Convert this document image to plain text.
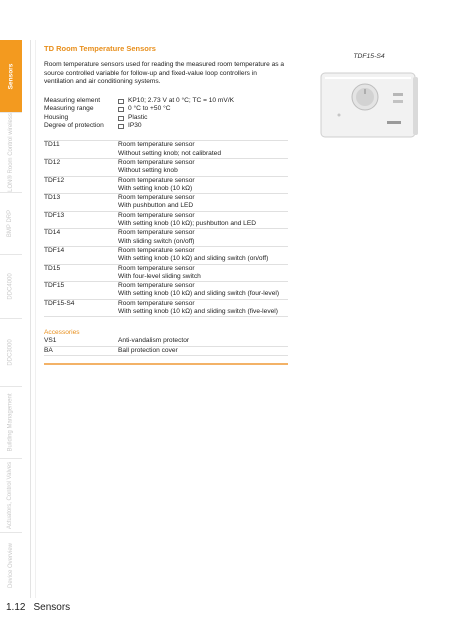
Sensors
LON® Room Control wireless
BMP DRP
DDC4000
DDC3000
Building Management
Actuators, Control Valves
Device Overview
TD Room Temperature Sensors
Room temperature sensors used for reading the measured room temperature as a source controlled variable for follow-up and fixed-value loop controllers in ventilation and air conditioning systems.
Measuring element	KP10; 2.73 V at 0 °C; TC = 10 mV/K
Measuring range	0 °C to +50 °C
Housing	Plastic
Degree of protection	IP30
TD11	Room temperature sensor
Without setting knob; not calibrated
TD12	Room temperature sensor
Without setting knob
TDF12	Room temperature sensor
With setting knob (10 kΩ)
TD13	Room temperature sensor
With pushbutton and LED
TDF13	Room temperature sensor
With setting knob (10 kΩ); pushbutton and LED
TD14	Room temperature sensor
With sliding switch (on/off)
TDF14	Room temperature sensor
With setting knob (10 kΩ) and sliding switch (on/off)
TD15	Room temperature sensor
With four-level sliding switch
TDF15	Room temperature sensor
With setting knob (10 kΩ) and sliding switch (four-level)
TDF15-S4	Room temperature sensor
With setting knob (10 kΩ) and sliding switch (five-level)
Accessories
VS1	Anti-vandalism protector
BA	Ball protection cover
TDF15-S4
1.12 Sensors
